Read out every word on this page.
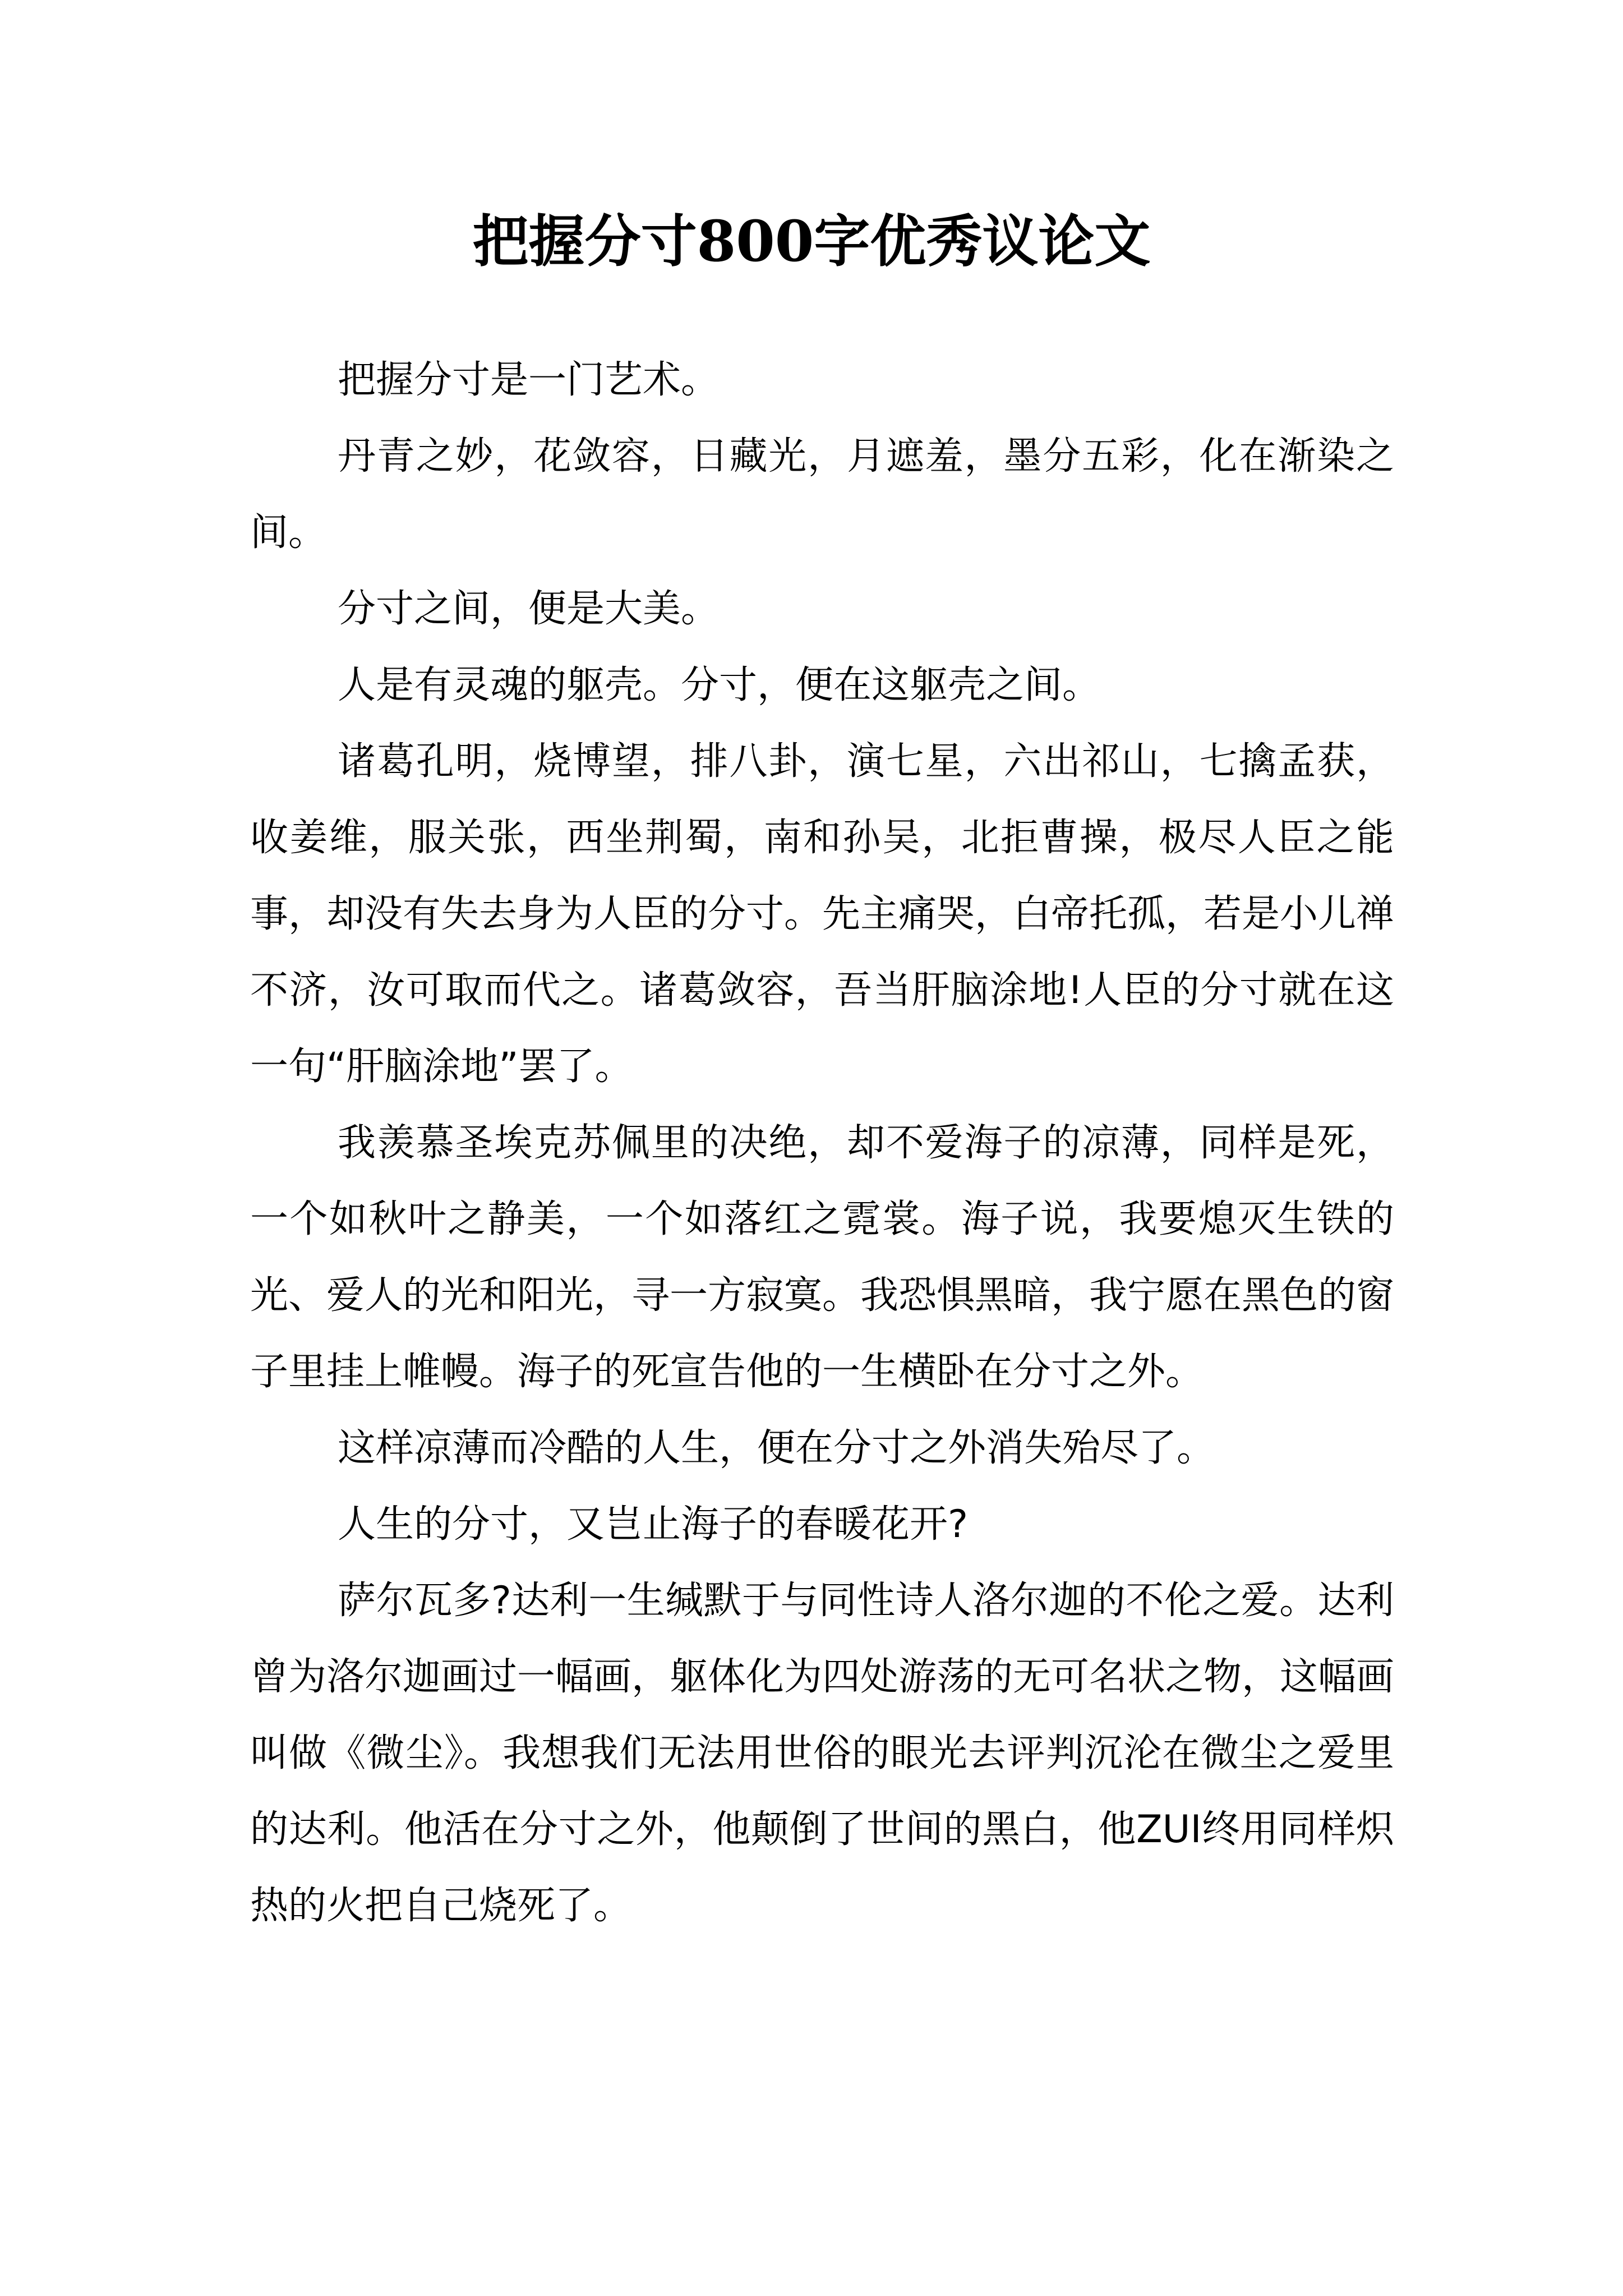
把握分寸800字优秀议论文

把握分寸是一门艺术。

丹青之妙，花敛容，日藏光，月遮羞，墨分五彩，化在渐染之间。

分寸之间，便是大美。

人是有灵魂的躯壳。分寸，便在这躯壳之间。

诸葛孔明，烧博望，排八卦，演七星，六出祁山，七擒孟获，收姜维，服关张，西坐荆蜀，南和孙吴，北拒曹操，极尽人臣之能事，却没有失去身为人臣的分寸。先主痛哭，白帝托孤，若是小儿禅不济，汝可取而代之。诸葛敛容，吾当肝脑涂地!人臣的分寸就在这一句“肝脑涂地”罢了。

我羡慕圣埃克苏佩里的决绝，却不爱海子的凉薄，同样是死，一个如秋叶之静美，一个如落红之霓裳。海子说，我要熄灭生铁的光、爱人的光和阳光，寻一方寂寞。我恐惧黑暗，我宁愿在黑色的窗子里挂上帷幔。海子的死宣告他的一生横卧在分寸之外。

这样凉薄而冷酷的人生，便在分寸之外消失殆尽了。

人生的分寸，又岂止海子的春暖花开?

萨尔瓦多?达利一生缄默于与同性诗人洛尔迦的不伦之爱。达利曾为洛尔迦画过一幅画，躯体化为四处游荡的无可名状之物，这幅画叫做《微尘》。我想我们无法用世俗的眼光去评判沉沦在微尘之爱里的达利。他活在分寸之外，他颠倒了世间的黑白，他ZUI终用同样炽热的火把自己烧死了。
